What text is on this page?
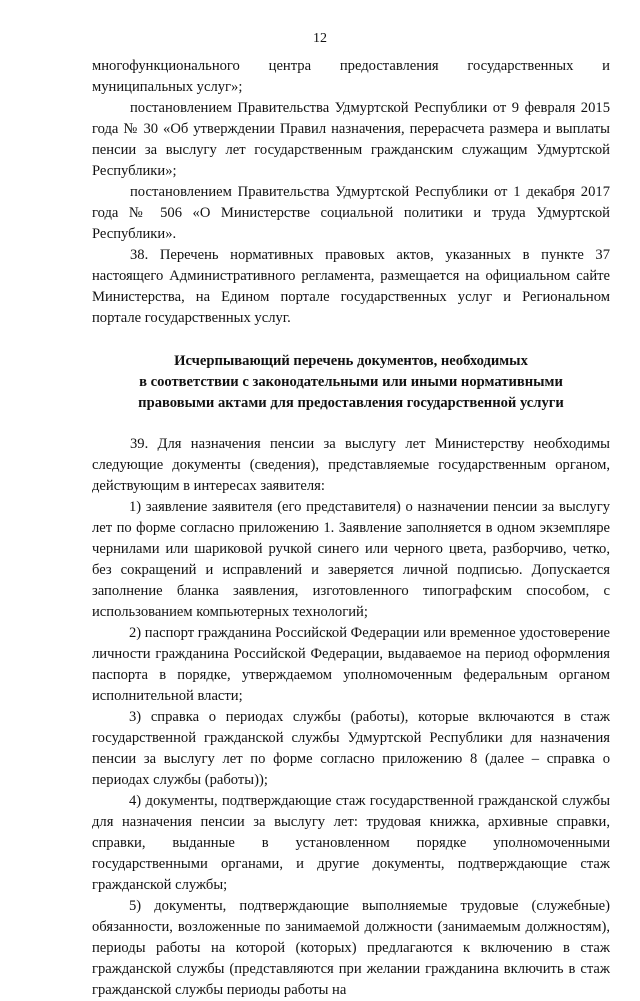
12

многофункционального центра предоставления государственных и муниципальных услуг»;

постановлением Правительства Удмуртской Республики от 9 февраля 2015 года № 30 «Об утверждении Правил назначения, перерасчета размера и выплаты пенсии за выслугу лет государственным гражданским служащим Удмуртской Республики»;

постановлением Правительства Удмуртской Республики от 1 декабря 2017 года № 506 «О Министерстве социальной политики и труда Удмуртской Республики».

38. Перечень нормативных правовых актов, указанных в пункте 37 настоящего Административного регламента, размещается на официальном сайте Министерства, на Едином портале государственных услуг и Региональном портале государственных услуг.

Исчерпывающий перечень документов, необходимых
в соответствии с законодательными или иными нормативными
правовыми актами для предоставления государственной услуги

39. Для назначения пенсии за выслугу лет Министерству необходимы следующие документы (сведения), представляемые государственным органом, действующим в интересах заявителя:

1) заявление заявителя (его представителя) о назначении пенсии за выслугу лет по форме согласно приложению 1. Заявление заполняется в одном экземпляре чернилами или шариковой ручкой синего или черного цвета, разборчиво, четко, без сокращений и исправлений и заверяется личной подписью. Допускается заполнение бланка заявления, изготовленного типографским способом, с использованием компьютерных технологий;

2) паспорт гражданина Российской Федерации или временное удостоверение личности гражданина Российской Федерации, выдаваемое на период оформления паспорта в порядке, утверждаемом уполномоченным федеральным органом исполнительной власти;

3) справка о периодах службы (работы), которые включаются в стаж государственной гражданской службы Удмуртской Республики для назначения пенсии за выслугу лет по форме согласно приложению 8 (далее – справка о периодах службы (работы));

4) документы, подтверждающие стаж государственной гражданской службы для назначения пенсии за выслугу лет: трудовая книжка, архивные справки, справки, выданные в установленном порядке уполномоченными государственными органами, и другие документы, подтверждающие стаж гражданской службы;

5) документы, подтверждающие выполняемые трудовые (служебные) обязанности, возложенные по занимаемой должности (занимаемым должностям), периоды работы на которой (которых) предлагаются к включению в стаж гражданской службы (представляются при желании гражданина включить в стаж гражданской службы периоды работы на
